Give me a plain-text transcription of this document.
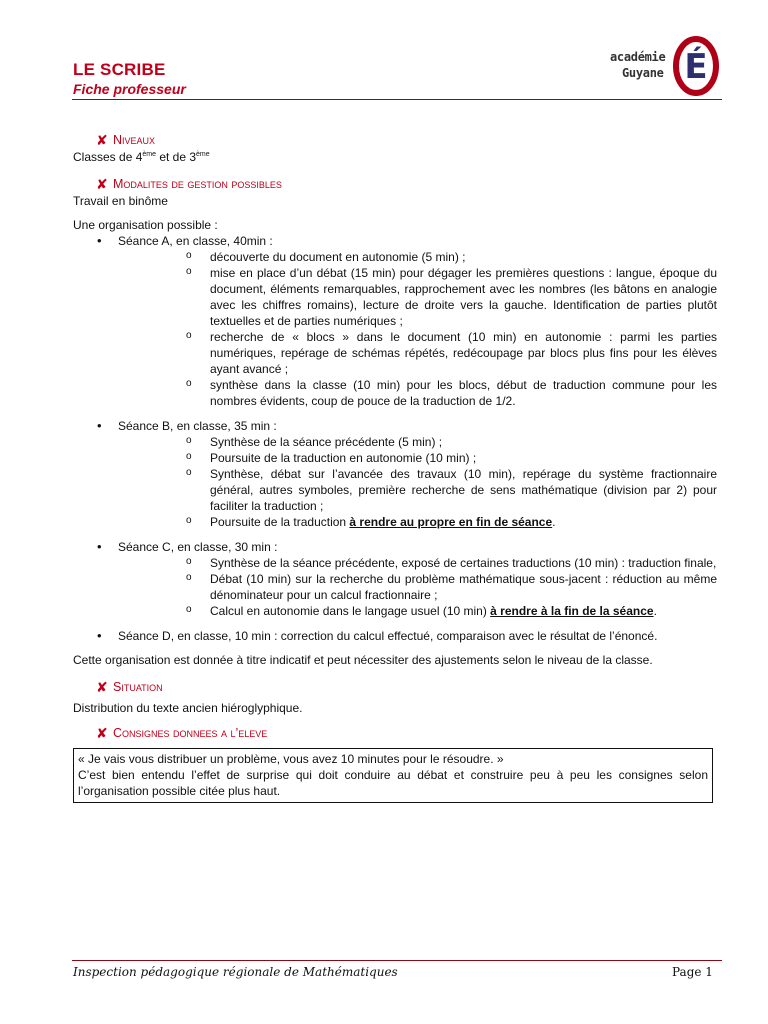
LE SCRIBE
Fiche professeur
É
académie
Guyane
✘ Niveaux

Classes de 4ème et de 3ème

✘ Modalites de gestion possibles

Travail en binôme

Une organisation possible :

• Séance A, en classe, 40min :
o découverte du document en autonomie (5 min) ;
o mise en place d’un débat (15 min) pour dégager les premières questions : langue, époque du document, éléments remarquables, rapprochement avec les nombres (les bâtons en analogie avec les chiffres romains), lecture de droite vers la gauche. Identification de parties plutôt textuelles et de parties numériques ;
o recherche de « blocs » dans le document (10 min) en autonomie : parmi les parties numériques, repérage de schémas répétés, redécoupage par blocs plus fins pour les élèves ayant avancé ;
o synthèse dans la classe (10 min) pour les blocs, début de traduction commune pour les nombres évidents, coup de pouce de la traduction de 1/2.
• Séance B, en classe, 35 min :
o Synthèse de la séance précédente (5 min) ;
o Poursuite de la traduction en autonomie (10 min) ;
o Synthèse, débat sur l’avancée des travaux (10 min), repérage du système fractionnaire général, autres symboles, première recherche de sens mathématique (division par 2) pour faciliter la traduction ;
o Poursuite de la traduction à rendre au propre en fin de séance.
• Séance C, en classe, 30 min :
o Synthèse de la séance précédente, exposé de certaines traductions (10 min) : traduction finale,
o Débat (10 min) sur la recherche du problème mathématique sous-jacent : réduction au même dénominateur pour un calcul fractionnaire ;
o Calcul en autonomie dans le langage usuel (10 min) à rendre à la fin de la séance.
• Séance D, en classe, 10 min : correction du calcul effectué, comparaison avec le résultat de l’énoncé.

Cette organisation est donnée à titre indicatif et peut nécessiter des ajustements selon le niveau de la classe.

✘ Situation

Distribution du texte ancien hiéroglyphique.

✘ Consignes donnees a l’eleve

« Je vais vous distribuer un problème, vous avez 10 minutes pour le résoudre. »

C’est bien entendu l’effet de surprise qui doit conduire au débat et construire peu à peu les consignes selon l’organisation possible citée plus haut.

Inspection pédagogique régionale de Mathématiques	Page 1
